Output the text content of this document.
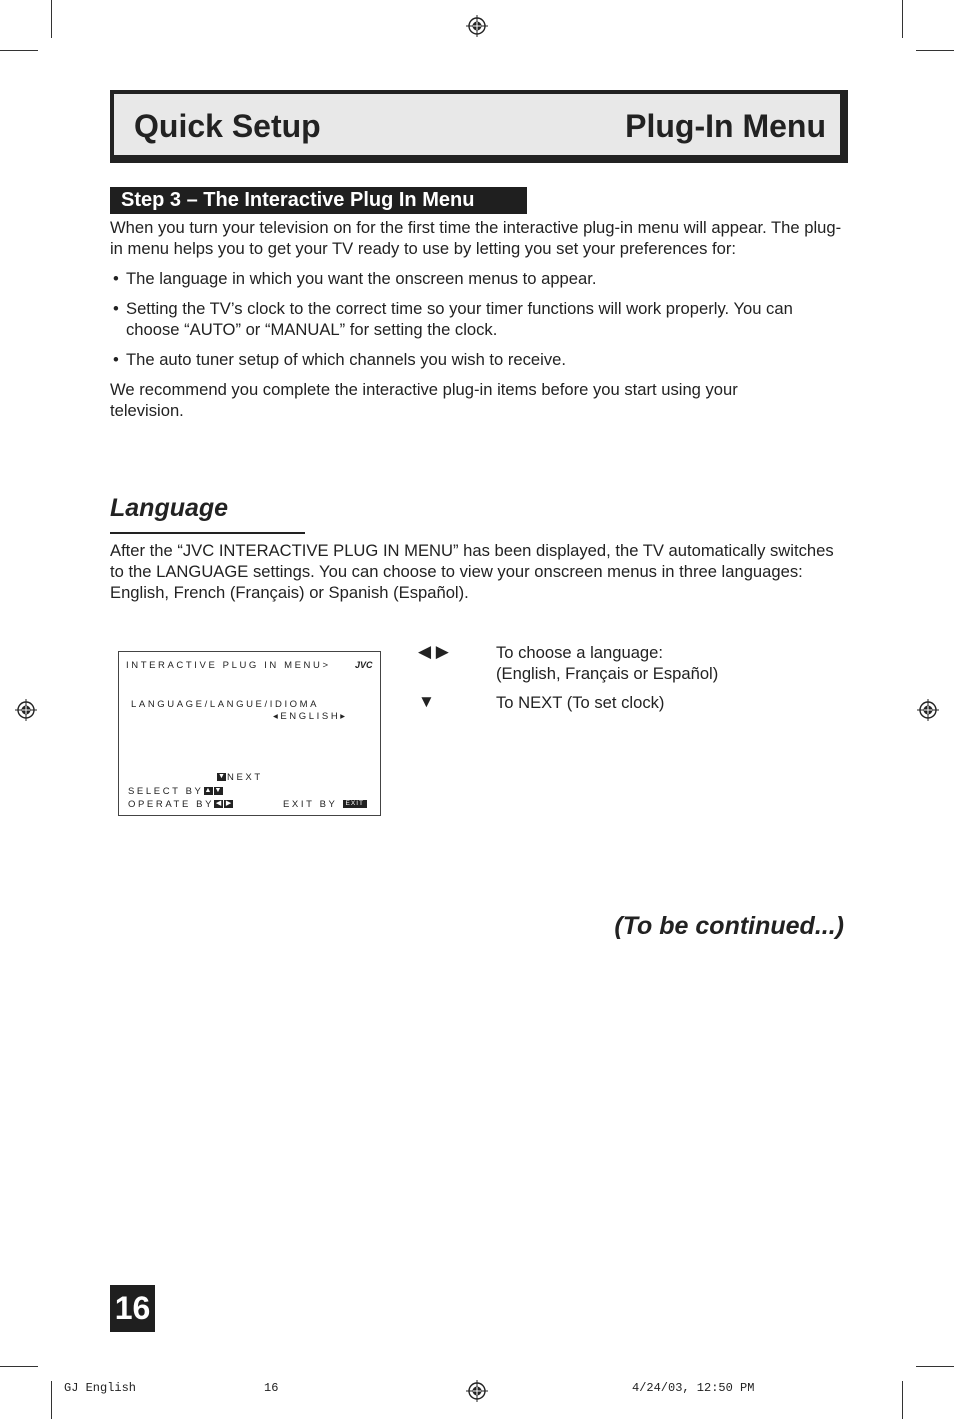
Quick Setup	Plug-In Menu
Step 3 – The Interactive Plug In Menu

When you turn your television on for the first time the interactive plug-in menu will appear. The plug-in menu helps you to get your TV ready to use by letting you set your preferences for:

• The language in which you want the onscreen menus to appear.
• Setting the TV’s clock to the correct time so your timer functions will work properly. You can choose “AUTO” or “MANUAL” for setting the clock.
• The auto tuner setup of which channels you wish to receive.

We recommend you complete the interactive plug-in items before you start using your television.

Language

After the “JVC INTERACTIVE PLUG IN MENU” has been displayed, the TV automatically switches to the LANGUAGE settings. You can choose to view your onscreen menus in three languages: English, French (Français) or Spanish (Español).

INTERACTIVE PLUG IN MENU>	JVC
LANGUAGE/LANGUE/IDIOMA
◂ENGLISH▸
▼ NEXT
SELECT BY▲ ▼
OPERATE BY ◀ ▶	EXIT BY EXIT
◀ ▶	To choose a language:
(English, Français or Español)
▼	To NEXT (To set clock)
(To be continued...)
16
GJ English	16	4/24/03, 12:50 PM
